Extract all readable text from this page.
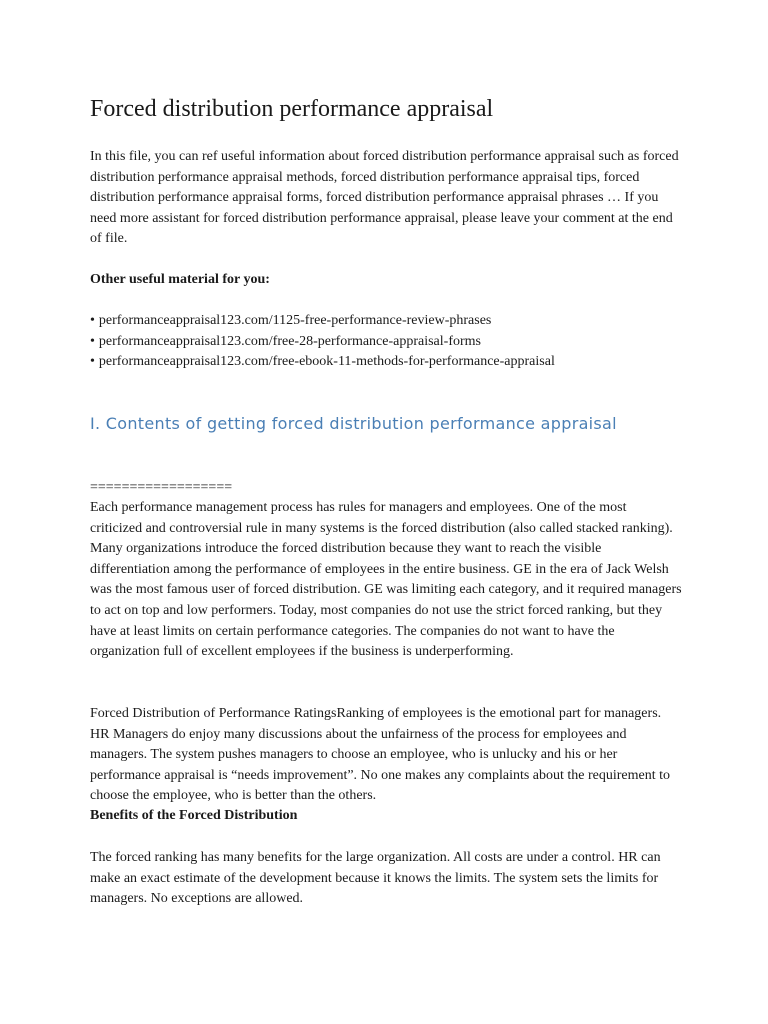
Forced distribution performance appraisal

In this file, you can ref useful information about forced distribution performance appraisal such as forced distribution performance appraisal methods, forced distribution performance appraisal tips, forced distribution performance appraisal forms, forced distribution performance appraisal phrases … If you need more assistant for forced distribution performance appraisal, please leave your comment at the end of file.

Other useful material for you:

• performanceappraisal123.com/1125-free-performance-review-phrases
• performanceappraisal123.com/free-28-performance-appraisal-forms
• performanceappraisal123.com/free-ebook-11-methods-for-performance-appraisal
I. Contents of getting forced distribution performance appraisal

==================

Each performance management process has rules for managers and employees. One of the most criticized and controversial rule in many systems is the forced distribution (also called stacked ranking). Many organizations introduce the forced distribution because they want to reach the visible differentiation among the performance of employees in the entire business. GE in the era of Jack Welsh was the most famous user of forced distribution. GE was limiting each category, and it required managers to act on top and low performers. Today, most companies do not use the strict forced ranking, but they have at least limits on certain performance categories. The companies do not want to have the organization full of excellent employees if the business is underperforming.

Forced Distribution of Performance RatingsRanking of employees is the emotional part for managers. HR Managers do enjoy many discussions about the unfairness of the process for employees and managers. The system pushes managers to choose an employee, who is unlucky and his or her performance appraisal is “needs improvement”. No one makes any complaints about the requirement to choose the employee, who is better than the others.

Benefits of the Forced Distribution

The forced ranking has many benefits for the large organization. All costs are under a control. HR can make an exact estimate of the development because it knows the limits. The system sets the limits for managers. No exceptions are allowed.
